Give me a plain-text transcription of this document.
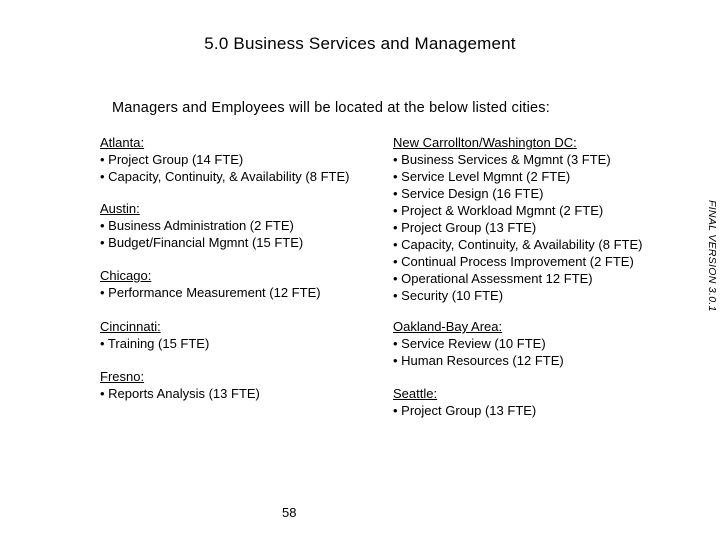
5.0 Business Services and Management
Managers and Employees will be located at the below listed cities:
Atlanta:
• Project Group (14 FTE)
• Capacity, Continuity, & Availability (8 FTE)
Austin:
• Business Administration (2 FTE)
• Budget/Financial Mgmnt (15 FTE)
Chicago:
• Performance Measurement (12 FTE)
Cincinnati:
• Training (15 FTE)
Fresno:
• Reports Analysis (13 FTE)
New Carrollton/Washington DC:
• Business Services & Mgmnt (3 FTE)
• Service Level Mgmnt (2 FTE)
• Service Design (16 FTE)
• Project & Workload Mgmnt (2 FTE)
• Project Group (13 FTE)
• Capacity, Continuity, & Availability (8 FTE)
• Continual Process Improvement (2 FTE)
• Operational Assessment 12 FTE)
• Security (10 FTE)
Oakland-Bay Area:
• Service Review (10 FTE)
• Human Resources (12 FTE)
Seattle:
• Project Group (13 FTE)
FINAL VERSION 3.0.1
58
